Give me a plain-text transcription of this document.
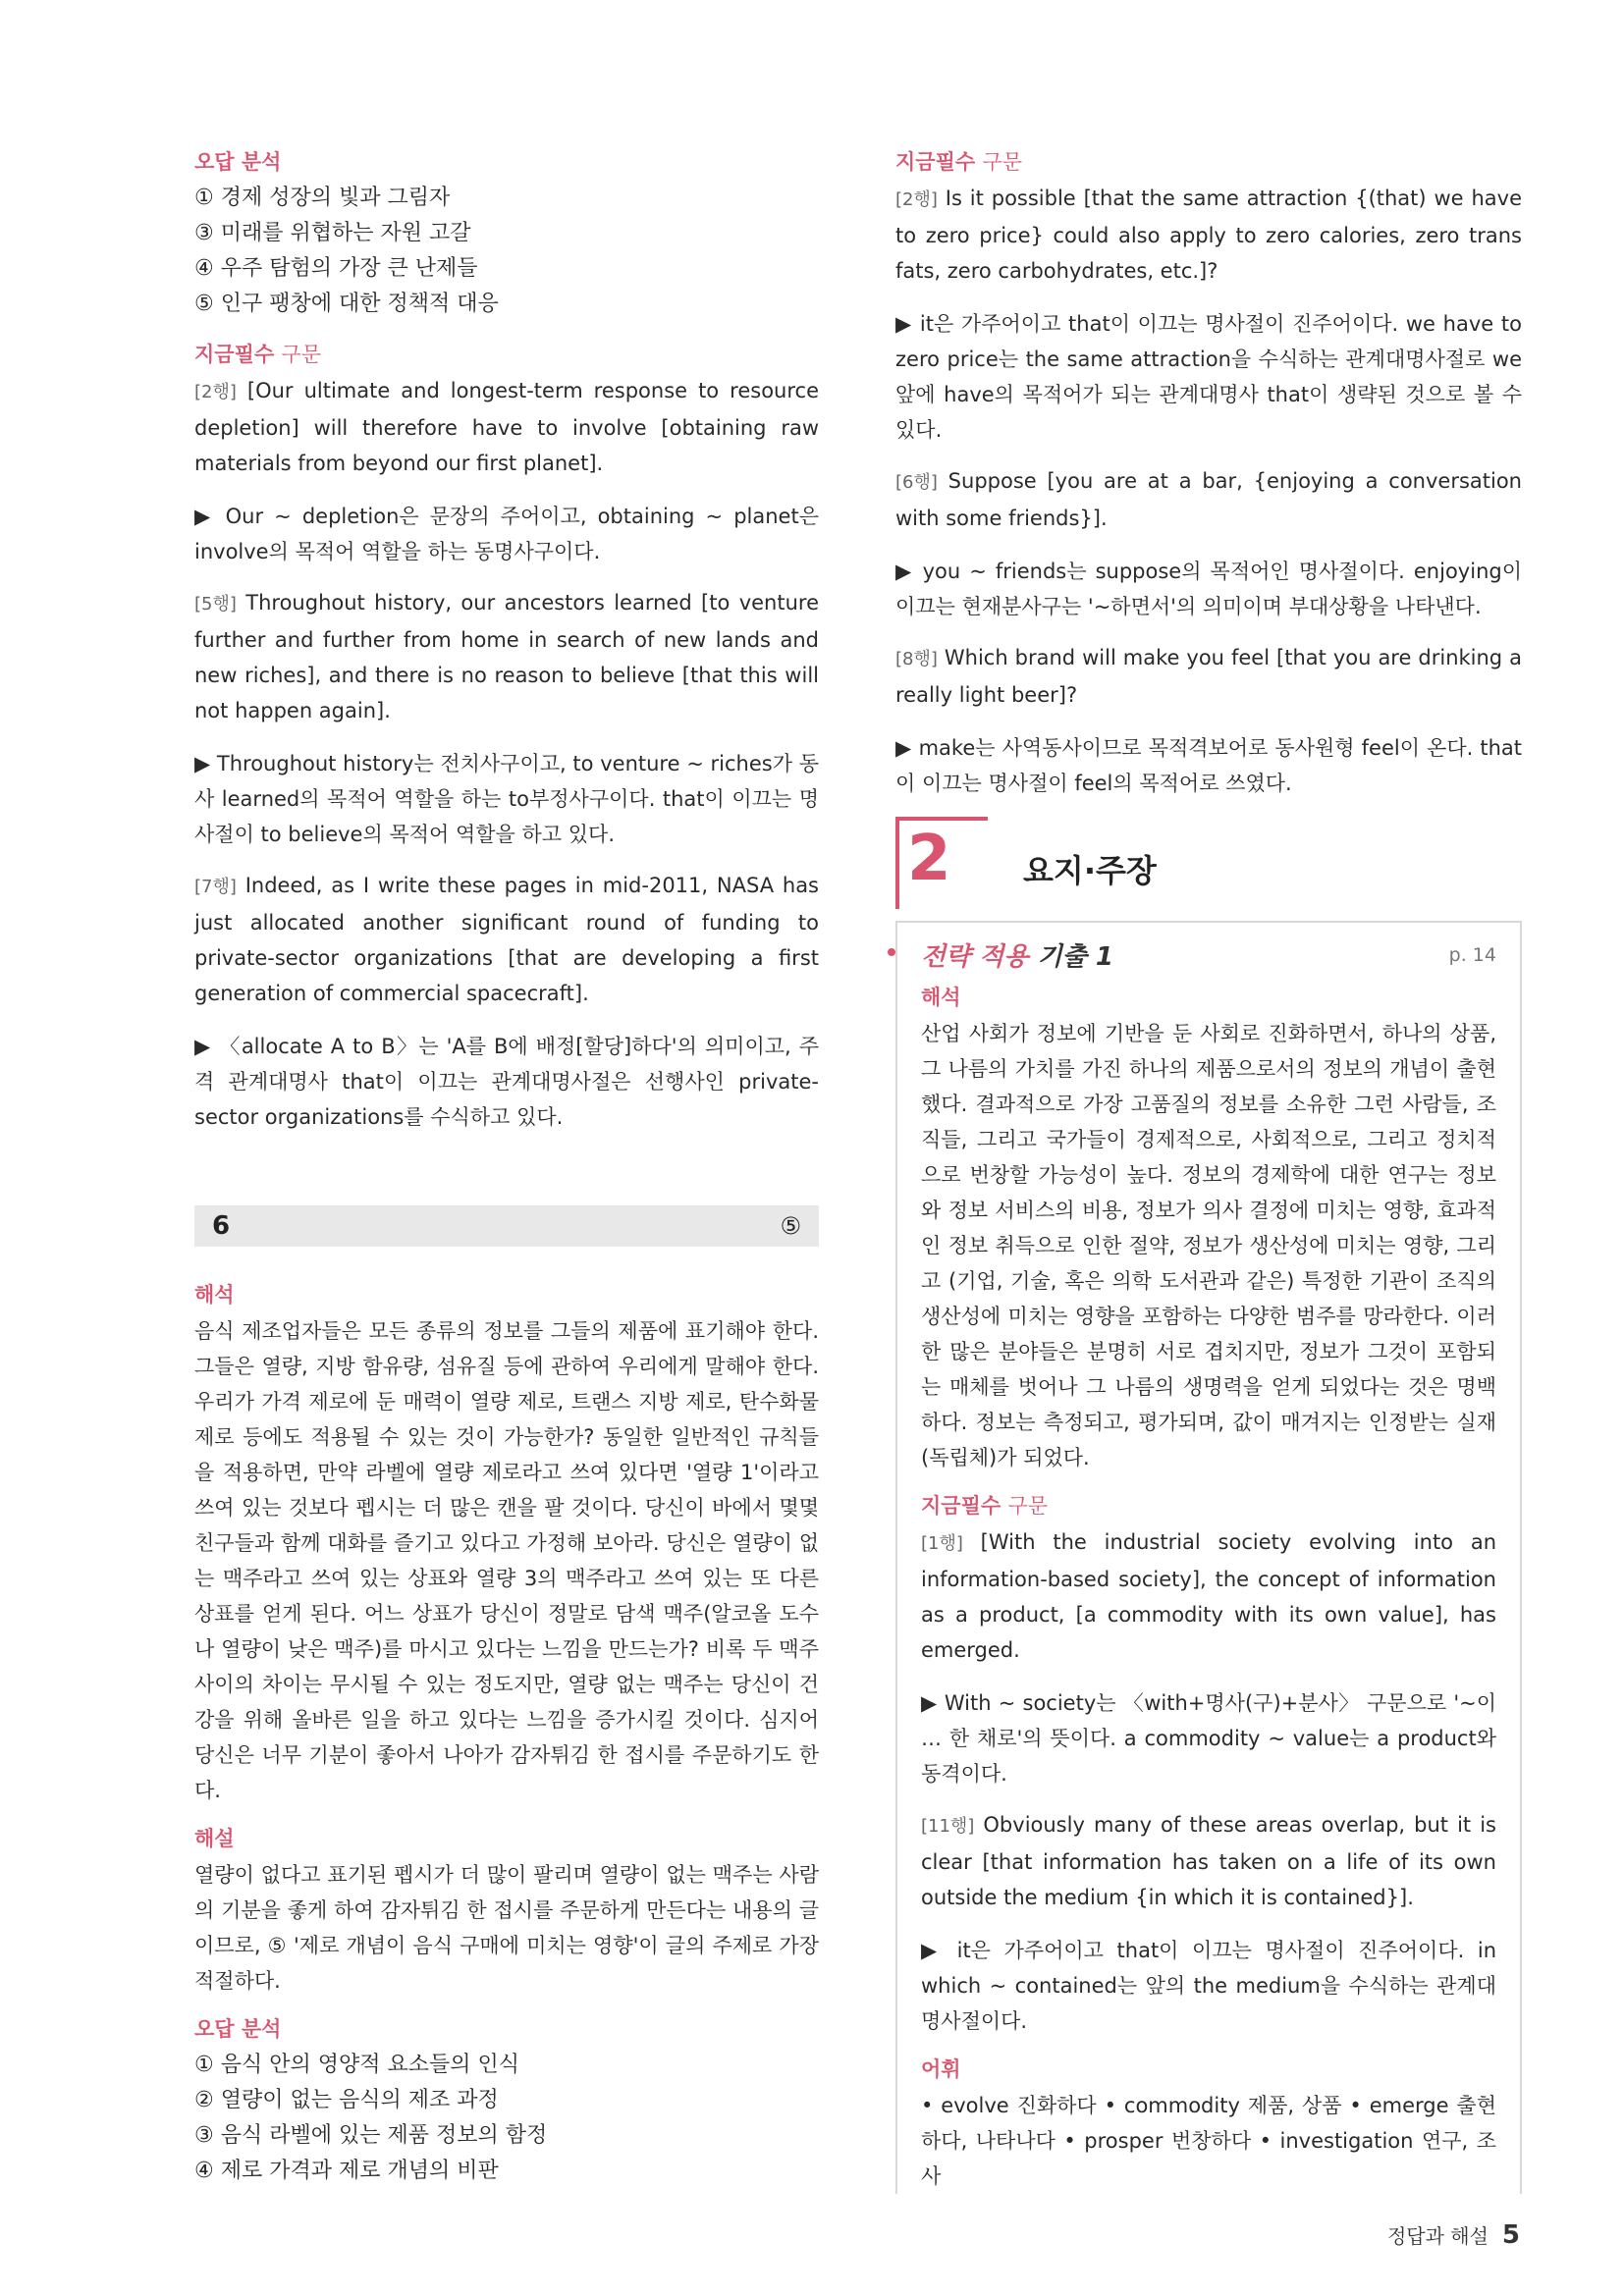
오답 분석
① 경제 성장의 빛과 그림자
③ 미래를 위협하는 자원 고갈
④ 우주 탐험의 가장 큰 난제들
⑤ 인구 팽창에 대한 정책적 대응
지금필수 구문
[2행] [Our ultimate and longest-term response to resource depletion] will therefore have to involve [obtaining raw materials from beyond our first planet].
▶ Our ~ depletion은 문장의 주어이고, obtaining ~ planet은 involve의 목적어 역할을 하는 동명사구이다.
[5행] Throughout history, our ancestors learned [to venture further and further from home in search of new lands and new riches], and there is no reason to believe [that this will not happen again].
▶ Throughout history는 전치사구이고, to venture ~ riches가 동사 learned의 목적어 역할을 하는 to부정사구이다. that이 이끄는 명사절이 to believe의 목적어 역할을 하고 있다.
[7행] Indeed, as I write these pages in mid-2011, NASA has just allocated another significant round of funding to private-sector organizations [that are developing a first generation of commercial spacecraft].
▶ 〈allocate A to B〉는 'A를 B에 배정[할당]하다'의 의미이고, 주격 관계대명사 that이 이끄는 관계대명사절은 선행사인 private-sector organizations를 수식하고 있다.
6	⑤
해석
음식 제조업자들은 모든 종류의 정보를 그들의 제품에 표기해야 한다. 그들은 열량, 지방 함유량, 섬유질 등에 관하여 우리에게 말해야 한다. 우리가 가격 제로에 둔 매력이 열량 제로, 트랜스 지방 제로, 탄수화물 제로 등에도 적용될 수 있는 것이 가능한가? 동일한 일반적인 규칙들을 적용하면, 만약 라벨에 열량 제로라고 쓰여 있다면 '열량 1'이라고 쓰여 있는 것보다 펩시는 더 많은 캔을 팔 것이다. 당신이 바에서 몇몇 친구들과 함께 대화를 즐기고 있다고 가정해 보아라. 당신은 열량이 없는 맥주라고 쓰여 있는 상표와 열량 3의 맥주라고 쓰여 있는 또 다른 상표를 얻게 된다. 어느 상표가 당신이 정말로 담색 맥주(알코올 도수나 열량이 낮은 맥주)를 마시고 있다는 느낌을 만드는가? 비록 두 맥주 사이의 차이는 무시될 수 있는 정도지만, 열량 없는 맥주는 당신이 건강을 위해 올바른 일을 하고 있다는 느낌을 증가시킬 것이다. 심지어 당신은 너무 기분이 좋아서 나아가 감자튀김 한 접시를 주문하기도 한다.
해설
열량이 없다고 표기된 펩시가 더 많이 팔리며 열량이 없는 맥주는 사람의 기분을 좋게 하여 감자튀김 한 접시를 주문하게 만든다는 내용의 글이므로, ⑤ '제로 개념이 음식 구매에 미치는 영향'이 글의 주제로 가장 적절하다.
오답 분석
① 음식 안의 영양적 요소들의 인식
② 열량이 없는 음식의 제조 과정
③ 음식 라벨에 있는 제품 정보의 함정
④ 제로 가격과 제로 개념의 비판
지금필수 구문
[2행] Is it possible [that the same attraction {(that) we have to zero price} could also apply to zero calories, zero trans fats, zero carbohydrates, etc.]?
▶ it은 가주어이고 that이 이끄는 명사절이 진주어이다. we have to zero price는 the same attraction을 수식하는 관계대명사절로 we 앞에 have의 목적어가 되는 관계대명사 that이 생략된 것으로 볼 수 있다.
[6행] Suppose [you are at a bar, {enjoying a conversation with some friends}].
▶ you ~ friends는 suppose의 목적어인 명사절이다. enjoying이 이끄는 현재분사구는 '~하면서'의 의미이며 부대상황을 나타낸다.
[8행] Which brand will make you feel [that you are drinking a really light beer]?
▶ make는 사역동사이므로 목적격보어로 동사원형 feel이 온다. that이 이끄는 명사절이 feel의 목적어로 쓰였다.
2 요지·주장
전략 적용 기출 1	p. 14
해석
산업 사회가 정보에 기반을 둔 사회로 진화하면서, 하나의 상품, 그 나름의 가치를 가진 하나의 제품으로서의 정보의 개념이 출현했다. 결과적으로 가장 고품질의 정보를 소유한 그런 사람들, 조직들, 그리고 국가들이 경제적으로, 사회적으로, 그리고 정치적으로 번창할 가능성이 높다. 정보의 경제학에 대한 연구는 정보와 정보 서비스의 비용, 정보가 의사 결정에 미치는 영향, 효과적인 정보 취득으로 인한 절약, 정보가 생산성에 미치는 영향, 그리고 (기업, 기술, 혹은 의학 도서관과 같은) 특정한 기관이 조직의 생산성에 미치는 영향을 포함하는 다양한 범주를 망라한다. 이러한 많은 분야들은 분명히 서로 겹치지만, 정보가 그것이 포함되는 매체를 벗어나 그 나름의 생명력을 얻게 되었다는 것은 명백하다. 정보는 측정되고, 평가되며, 값이 매겨지는 인정받는 실재(독립체)가 되었다.
지금필수 구문
[1행] [With the industrial society evolving into an information-based society], the concept of information as a product, [a commodity with its own value], has emerged.
▶ With ~ society는 〈with+명사(구)+분사〉 구문으로 '~이 … 한 채로'의 뜻이다. a commodity ~ value는 a product와 동격이다.
[11행] Obviously many of these areas overlap, but it is clear [that information has taken on a life of its own outside the medium {in which it is contained}].
▶ it은 가주어이고 that이 이끄는 명사절이 진주어이다. in which ~ contained는 앞의 the medium을 수식하는 관계대명사절이다.
어휘
• evolve 진화하다 • commodity 제품, 상품 • emerge 출현하다, 나타나다 • prosper 번창하다 • investigation 연구, 조사
정답과 해설 5
